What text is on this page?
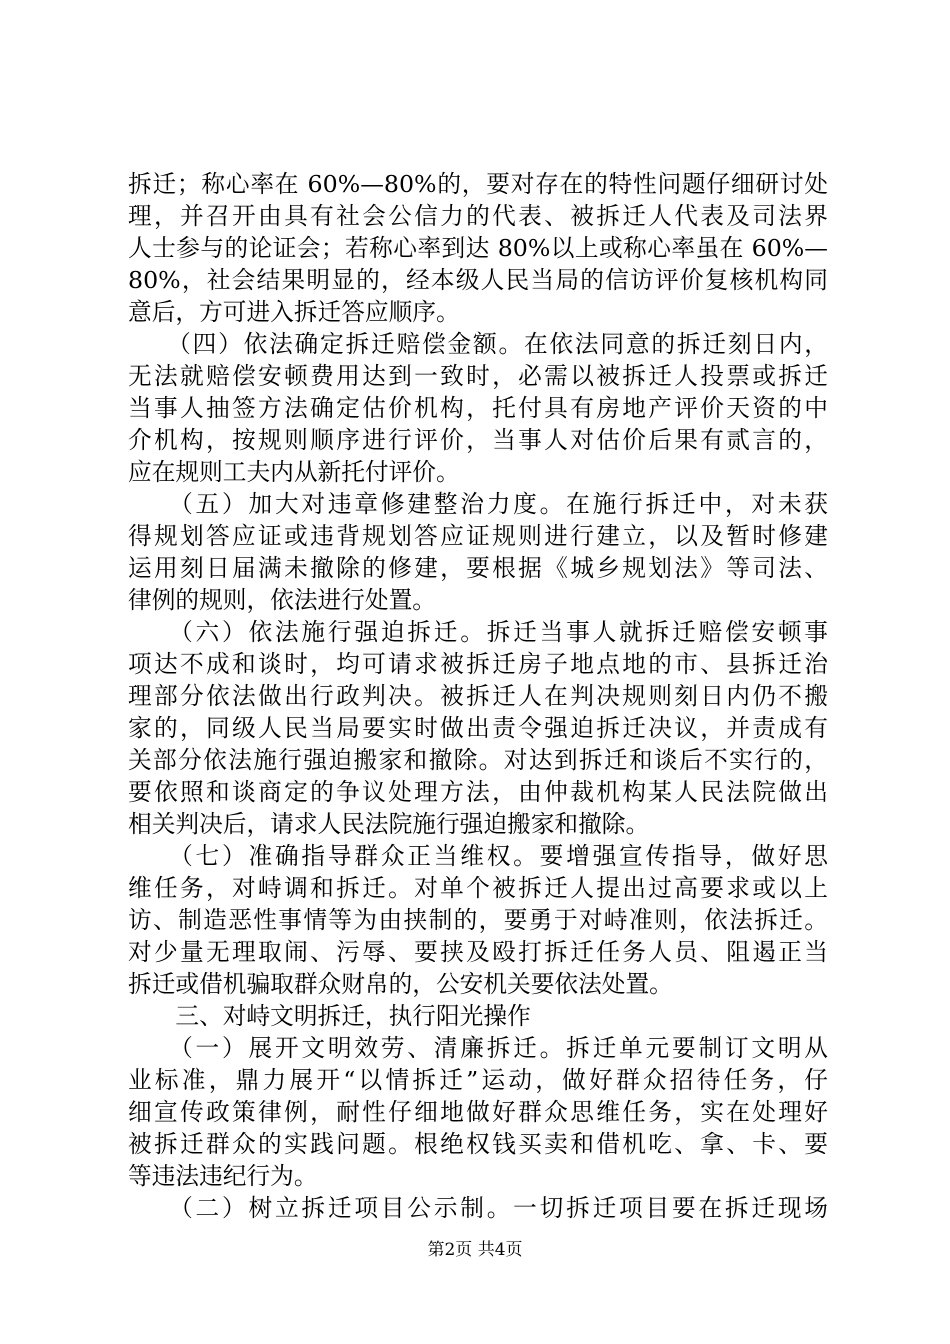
拆迁；称心率在 60%—80%的，要对存在的特性问题仔细研讨处
理，并召开由具有社会公信力的代表、被拆迁人代表及司法界
人士参与的论证会；若称心率到达 80%以上或称心率虽在 60%—
80%，社会结果明显的，经本级人民当局的信访评价复核机构同
意后，方可进入拆迁答应顺序。
　　（四）依法确定拆迁赔偿金额。在依法同意的拆迁刻日内，
无法就赔偿安顿费用达到一致时，必需以被拆迁人投票或拆迁
当事人抽签方法确定估价机构，托付具有房地产评价天资的中
介机构，按规则顺序进行评价，当事人对估价后果有贰言的，
应在规则工夫内从新托付评价。
　　（五）加大对违章修建整治力度。在施行拆迁中，对未获
得规划答应证或违背规划答应证规则进行建立，以及暂时修建
运用刻日届满未撤除的修建，要根据《城乡规划法》等司法、
律例的规则，依法进行处置。
　　（六）依法施行强迫拆迁。拆迁当事人就拆迁赔偿安顿事
项达不成和谈时，均可请求被拆迁房子地点地的市、县拆迁治
理部分依法做出行政判决。被拆迁人在判决规则刻日内仍不搬
家的，同级人民当局要实时做出责令强迫拆迁决议，并责成有
关部分依法施行强迫搬家和撤除。对达到拆迁和谈后不实行的，
要依照和谈商定的争议处理方法，由仲裁机构某人民法院做出
相关判决后，请求人民法院施行强迫搬家和撤除。
　　（七）准确指导群众正当维权。要增强宣传指导，做好思
维任务，对峙调和拆迁。对单个被拆迁人提出过高要求或以上
访、制造恶性事情等为由挟制的，要勇于对峙准则，依法拆迁。
对少量无理取闹、污辱、要挟及殴打拆迁任务人员、阻遏正当
拆迁或借机骗取群众财帛的，公安机关要依法处置。
　　三、对峙文明拆迁，执行阳光操作
　　（一）展开文明效劳、清廉拆迁。拆迁单元要制订文明从
业标准，鼎力展开“以情拆迁”运动，做好群众招待任务，仔
细宣传政策律例，耐性仔细地做好群众思维任务，实在处理好
被拆迁群众的实践问题。根绝权钱买卖和借机吃、拿、卡、要
等违法违纪行为。
　　（二）树立拆迁项目公示制。一切拆迁项目要在拆迁现场
第2页 共4页
